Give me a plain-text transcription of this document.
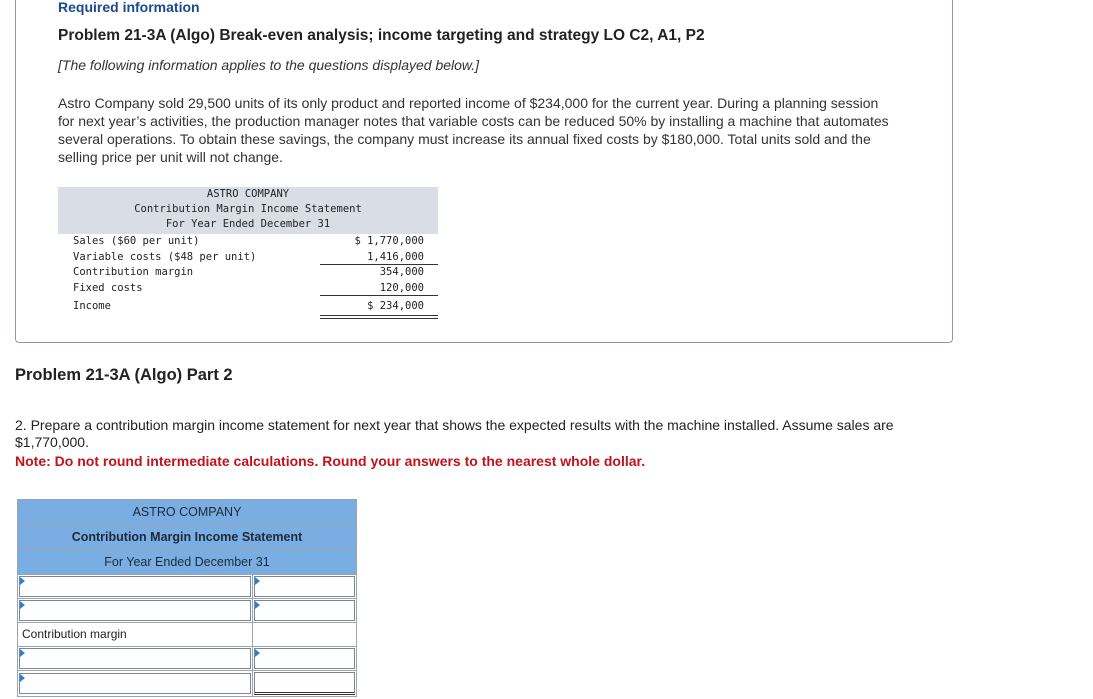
Required information
Problem 21-3A (Algo) Break-even analysis; income targeting and strategy LO C2, A1, P2
[The following information applies to the questions displayed below.]
Astro Company sold 29,500 units of its only product and reported income of $234,000 for the current year. During a planning session for next year’s activities, the production manager notes that variable costs can be reduced 50% by installing a machine that automates several operations. To obtain these savings, the company must increase its annual fixed costs by $180,000. Total units sold and the selling price per unit will not change.
ASTRO COMPANY
Contribution Margin Income Statement
For Year Ended December 31
Sales ($60 per unit)	$ 1,770,000
Variable costs ($48 per unit)	1,416,000
Contribution margin	354,000
Fixed costs	120,000
Income	$ 234,000
Problem 21-3A (Algo) Part 2
2. Prepare a contribution margin income statement for next year that shows the expected results with the machine installed. Assume sales are $1,770,000.
Note: Do not round intermediate calculations. Round your answers to the nearest whole dollar.
ASTRO COMPANY	
Contribution Margin Income Statement	
For Year Ended December 31	

Contribution margin	
